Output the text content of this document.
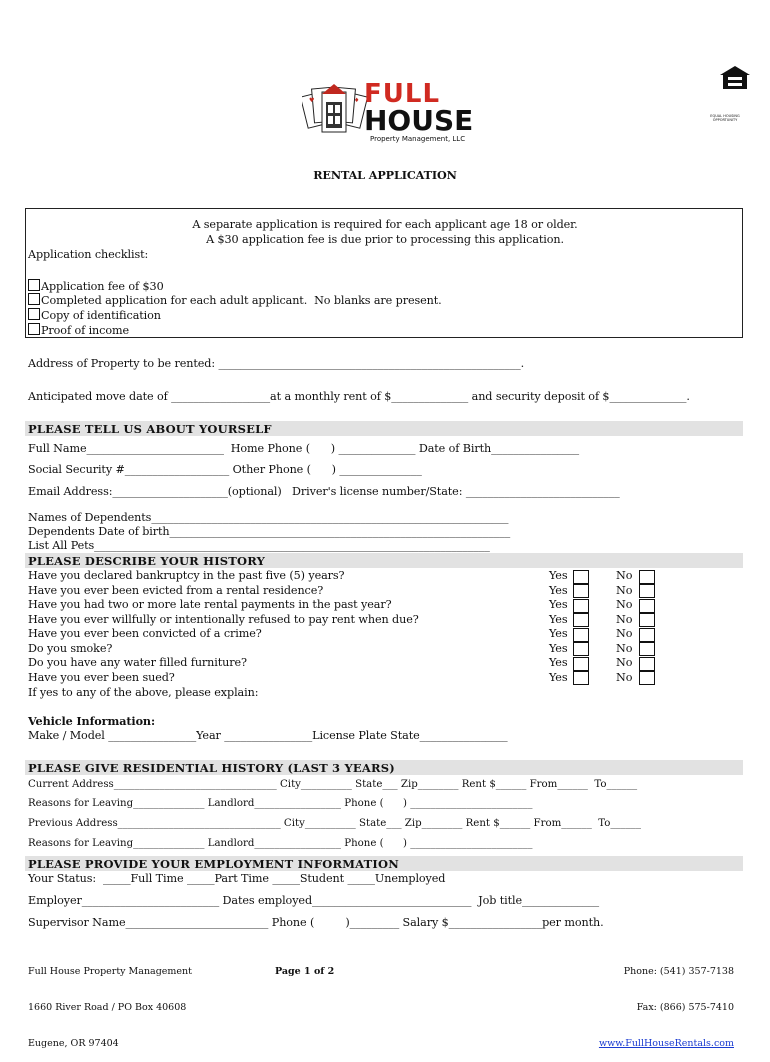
EQUAL HOUSING OPPORTUNITY

♥	♦

FULL

HOUSE

Property Management, LLC

RENTAL APPLICATION
A separate application is required for each applicant age 18 or older.
A $30 application fee is due prior to processing this application.
Application checklist:
Application fee of $30
Completed application for each adult applicant.  No blanks are present.
Copy of identification
Proof of income
Address of Property to be rented: _______________________________________________________.
Anticipated move date of __________________at a monthly rent of $______________ and security deposit of $______________.
PLEASE TELL US ABOUT YOURSELF
Full Name_________________________  Home Phone (      ) ______________ Date of Birth________________
Social Security #___________________ Other Phone (      ) _______________
Email Address:_____________________(optional)   Driver's license number/State: ____________________________
Names of Dependents_________________________________________________________________
Dependents Date of birth______________________________________________________________
List All Pets________________________________________________________________________
PLEASE DESCRIBE YOUR HISTORY
Have you declared bankruptcy in the past five (5) years?	Yes	No
Have you ever been evicted from a rental residence?	Yes	No
Have you had two or more late rental payments in the past year?	Yes	No
Have you ever willfully or intentionally refused to pay rent when due?	Yes	No
Have you ever been convicted of a crime?	Yes	No
Do you smoke?	Yes	No
Do you have any water filled furniture?	Yes	No
Have you ever been sued?	Yes	No
If yes to any of the above, please explain:
Vehicle Information:
Make / Model ________________Year ________________License Plate State________________
PLEASE GIVE RESIDENTIAL HISTORY (LAST 3 YEARS)
Current Address________________________________ City__________ State___ Zip________ Rent $______ From______  To______
Reasons for Leaving______________ Landlord_________________ Phone (      ) ________________________
Previous Address________________________________ City__________ State___ Zip________ Rent $______ From______  To______
Reasons for Leaving______________ Landlord_________________ Phone (      ) ________________________
PLEASE PROVIDE YOUR EMPLOYMENT INFORMATION
Your Status:  _____Full Time _____Part Time _____Student _____Unemployed
Employer_________________________ Dates employed_____________________________  Job title______________
Supervisor Name__________________________ Phone (         )_________ Salary $_________________per month.

Full House Property Management

1660 River Road / PO Box 40608

Eugene, OR 97404

Page 1 of 2

	Phone: (541) 357-7138

Fax: (866) 575-7410

www.FullHouseRentals.com
